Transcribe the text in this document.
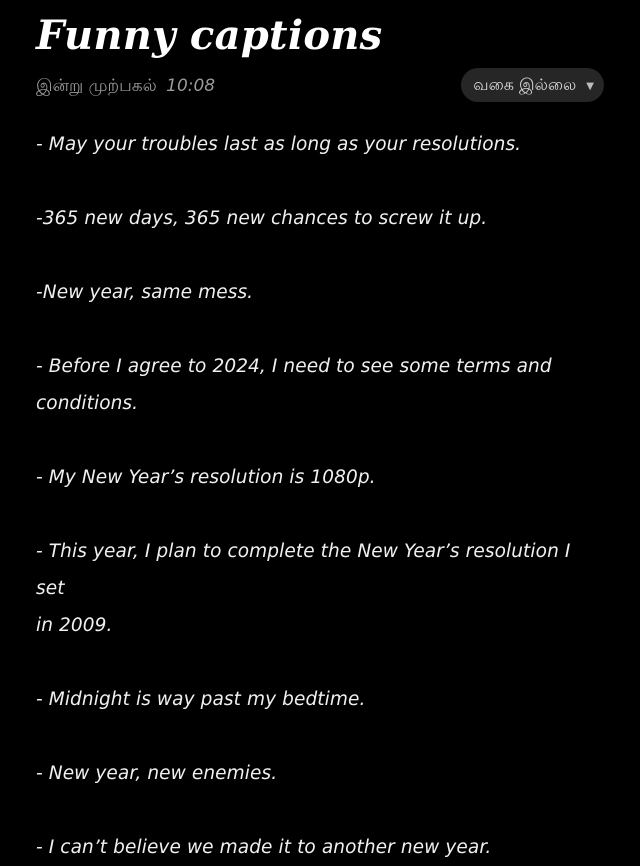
Funny captions
இன்று முற்பகல் 10:08	வகை இல்லை ▼

- May your troubles last as long as your resolutions.

-365 new days, 365 new chances to screw it up.

-New year, same mess.

- Before I agree to 2024, I need to see some terms and

conditions.

- My New Year’s resolution is 1080p.

- This year, I plan to complete the New Year’s resolution I set

in 2009.

- Midnight is way past my bedtime.

- New year, new enemies.

- I can’t believe we made it to another new year.
